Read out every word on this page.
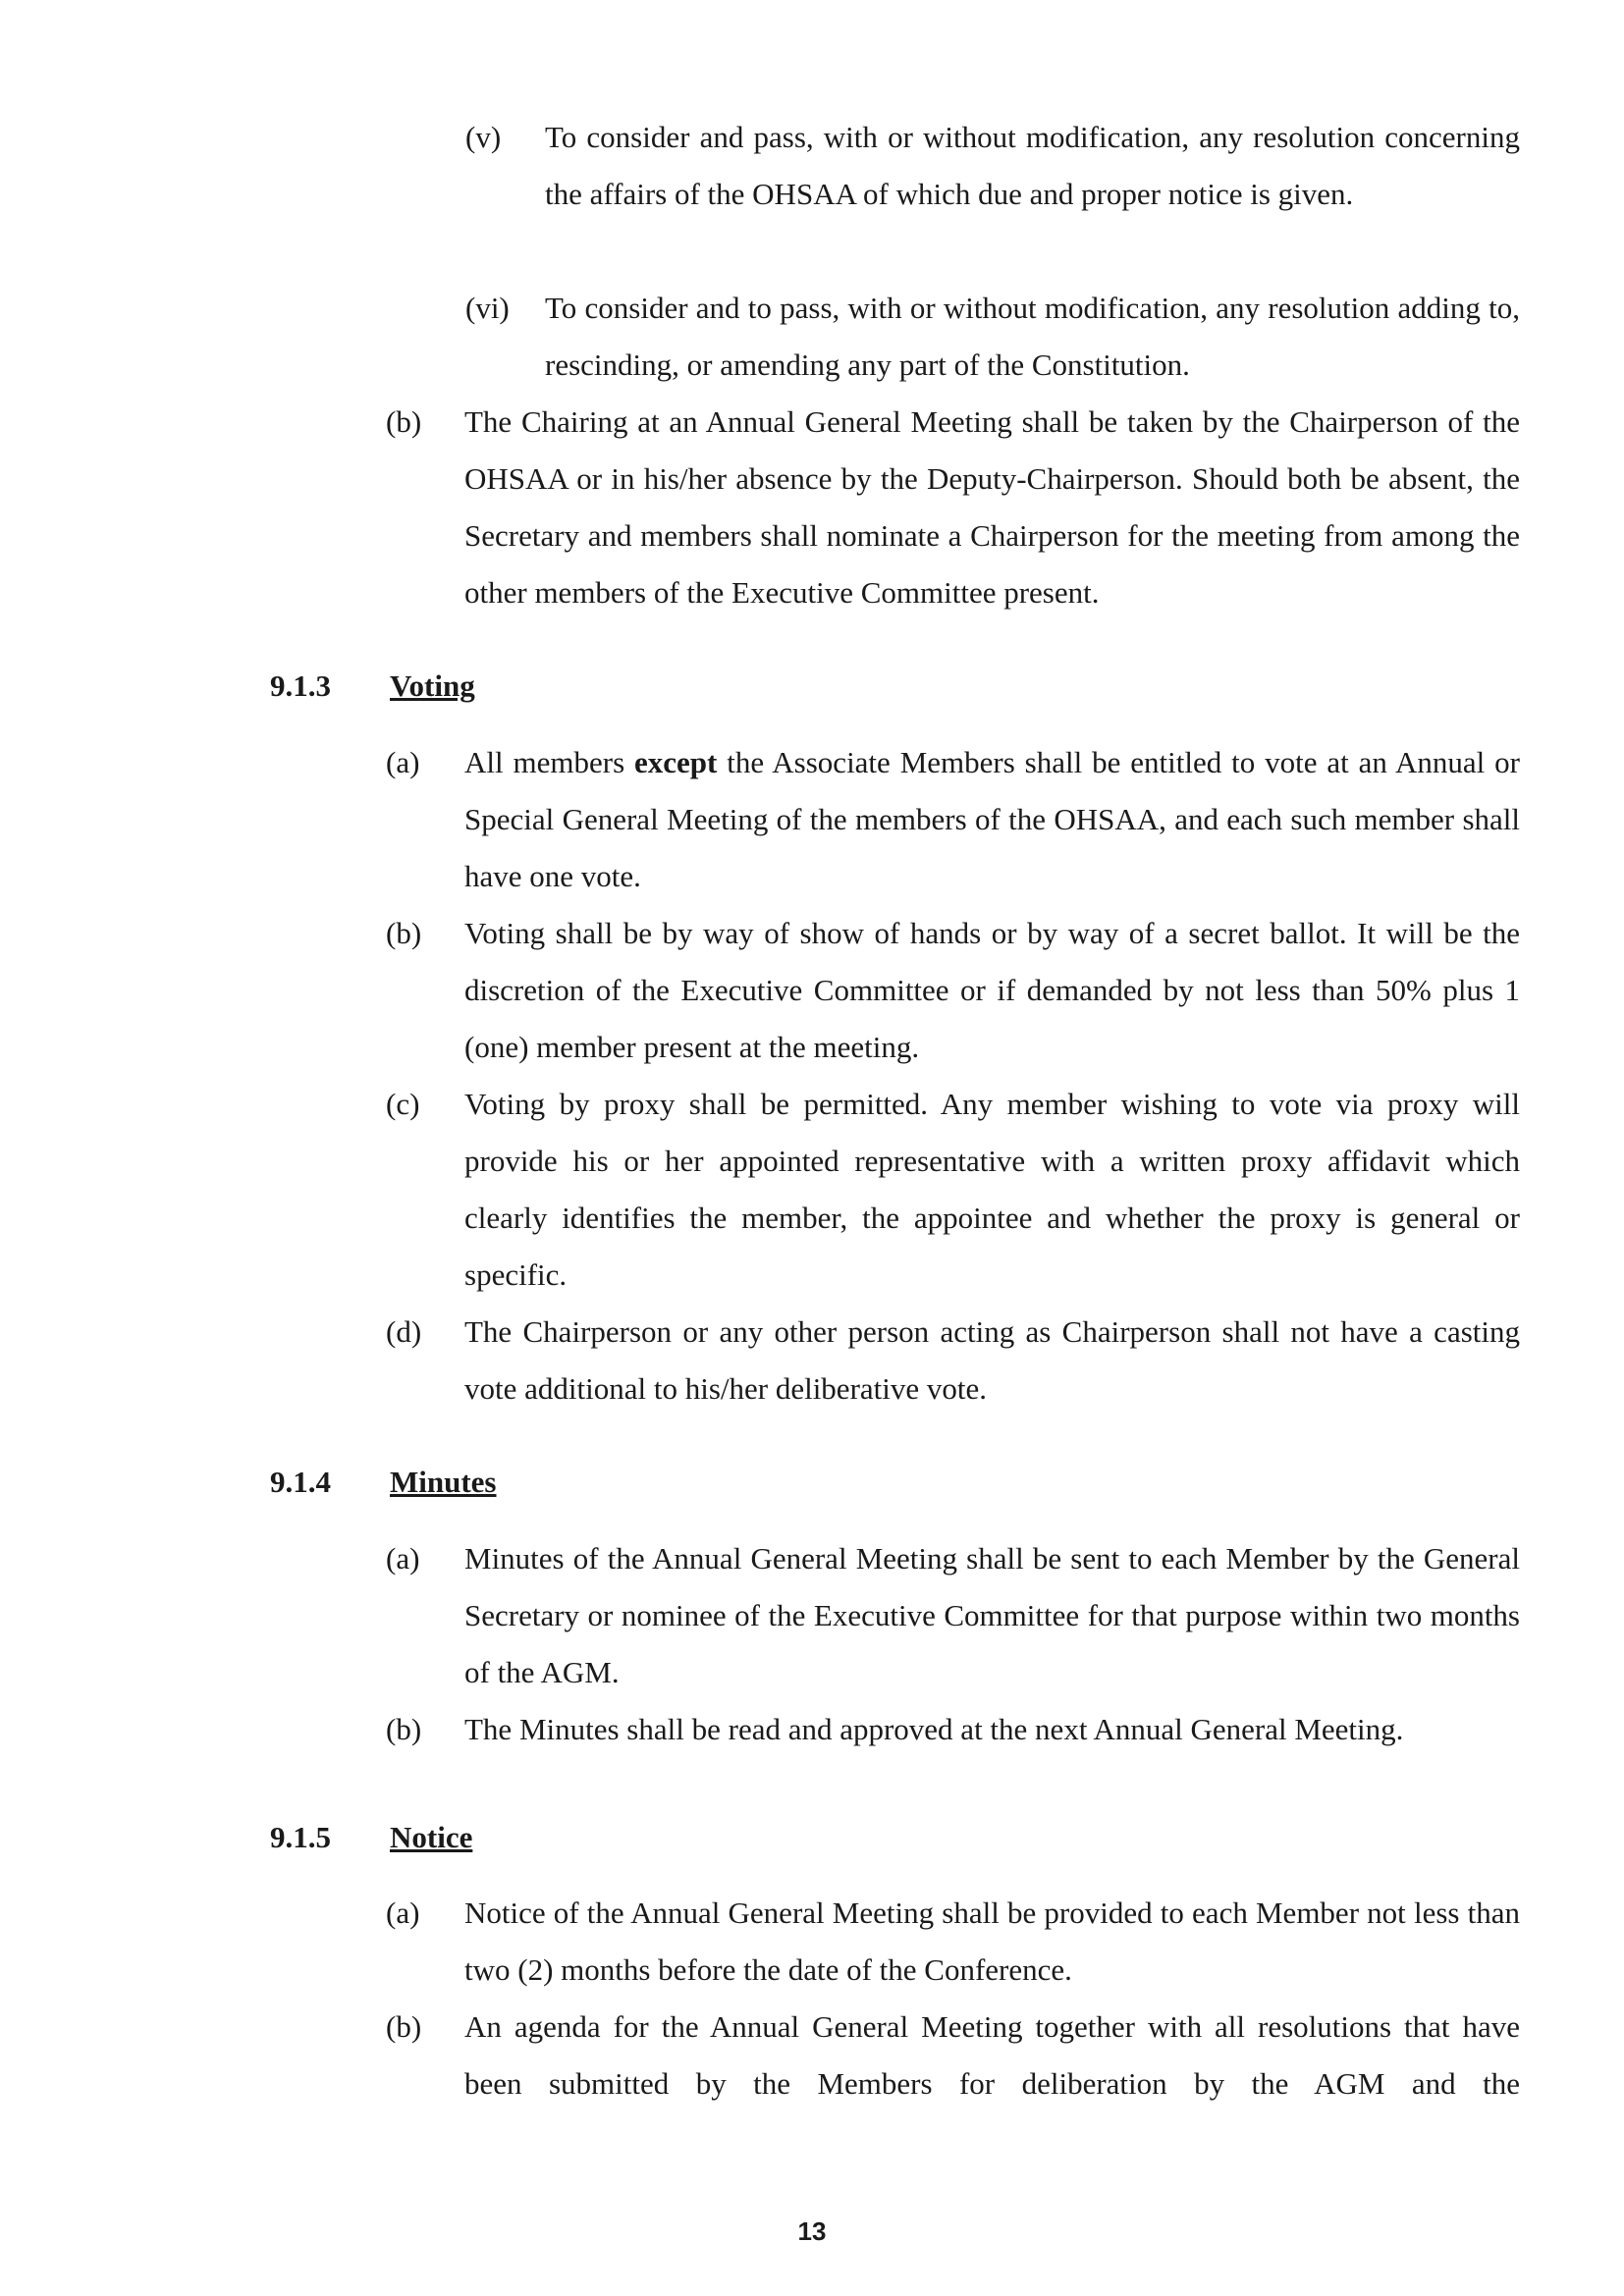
(v) To consider and pass, with or without modification, any resolution concerning the affairs of the OHSAA of which due and proper notice is given.
(vi) To consider and to pass, with or without modification, any resolution adding to, rescinding, or amending any part of the Constitution.
(b) The Chairing at an Annual General Meeting shall be taken by the Chairperson of the OHSAA or in his/her absence by the Deputy-Chairperson. Should both be absent, the Secretary and members shall nominate a Chairperson for the meeting from among the other members of the Executive Committee present.
9.1.3 Voting
(a) All members except the Associate Members shall be entitled to vote at an Annual or Special General Meeting of the members of the OHSAA, and each such member shall have one vote.
(b) Voting shall be by way of show of hands or by way of a secret ballot. It will be the discretion of the Executive Committee or if demanded by not less than 50% plus 1 (one) member present at the meeting.
(c) Voting by proxy shall be permitted. Any member wishing to vote via proxy will provide his or her appointed representative with a written proxy affidavit which clearly identifies the member, the appointee and whether the proxy is general or specific.
(d) The Chairperson or any other person acting as Chairperson shall not have a casting vote additional to his/her deliberative vote.
9.1.4 Minutes
(a) Minutes of the Annual General Meeting shall be sent to each Member by the General Secretary or nominee of the Executive Committee for that purpose within two months of the AGM.
(b) The Minutes shall be read and approved at the next Annual General Meeting.
9.1.5 Notice
(a) Notice of the Annual General Meeting shall be provided to each Member not less than two (2) months before the date of the Conference.
(b) An agenda for the Annual General Meeting together with all resolutions that have been submitted by the Members for deliberation by the AGM and the
13
